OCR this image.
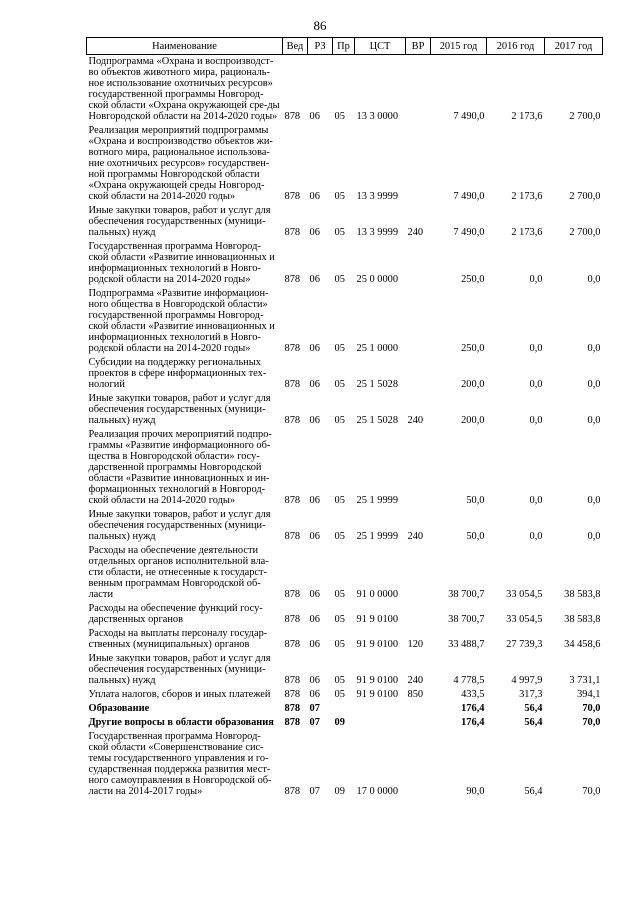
86
Наименование	Вед	РЗ	Пр	ЦСТ	ВР	2015 год	2016 год	2017 год
Подпрограмма «Охрана и воспроизводст-во объектов животного мира, рациональ-ное использование охотничьих ресурсов» государственной программы Новгород-ской области «Охрана окружающей сре-ды Новгородской области на 2014-2020 годы»	878	06	05	13 3 0000		7 490,0	2 173,6	2 700,0
Реализация мероприятий подпрограммы «Охрана и воспроизводство объектов жи-вотного мира, рациональное использова-ние охотничьих ресурсов» государствен-ной программы Новгородской области «Охрана окружающей среды Новгород-ской области на 2014-2020 годы»	878	06	05	13 3 9999		7 490,0	2 173,6	2 700,0
Иные закупки товаров, работ и услуг для обеспечения государственных (муници-пальных) нужд	878	06	05	13 3 9999	240	7 490,0	2 173,6	2 700,0
Государственная программа Новгород-ской области «Развитие инновационных и информационных технологий в Новго-родской области на 2014-2020 годы»	878	06	05	25 0 0000		250,0	0,0	0,0
Подпрограмма «Развитие информацион-ного общества в Новгородской области» государственной программы Новгород-ской области «Развитие инновационных и информационных технологий в Новго-родской области на 2014-2020 годы»	878	06	05	25 1 0000		250,0	0,0	0,0
Субсидии на поддержку региональных проектов в сфере информационных тех-нологий	878	06	05	25 1 5028		200,0	0,0	0,0
Иные закупки товаров, работ и услуг для обеспечения государственных (муници-пальных) нужд	878	06	05	25 1 5028	240	200,0	0,0	0,0
Реализация прочих мероприятий подпро-граммы «Развитие информационного об-щества в Новгородской области» госу-дарственной программы Новгородской области «Развитие инновационных и ин-формационных технологий в Новгород-ской области на 2014-2020 годы»	878	06	05	25 1 9999		50,0	0,0	0,0
Иные закупки товаров, работ и услуг для обеспечения государственных (муници-пальных) нужд	878	06	05	25 1 9999	240	50,0	0,0	0,0
Расходы на обеспечение деятельности отдельных органов исполнительной вла-сти области, не отнесенные к государст-венным программам Новгородской об-ласти	878	06	05	91 0 0000		38 700,7	33 054,5	38 583,8
Расходы на обеспечение функций госу-дарственных органов	878	06	05	91 9 0100		38 700,7	33 054,5	38 583,8
Расходы на выплаты персоналу государ-ственных (муниципальных) органов	878	06	05	91 9 0100	120	33 488,7	27 739,3	34 458,6
Иные закупки товаров, работ и услуг для обеспечения государственных (муници-пальных) нужд	878	06	05	91 9 0100	240	4 778,5	4 997,9	3 731,1
Уплата налогов, сборов и иных платежей	878	06	05	91 9 0100	850	433,5	317,3	394,1
Образование	878	07				176,4	56,4	70,0
Другие вопросы в области образования	878	07	09			176,4	56,4	70,0
Государственная программа Новгород-ской области «Совершенствование сис-темы государственного управления и го-сударственная поддержка развития мест-ного самоуправления в Новгородской об-ласти на 2014-2017 годы»	878	07	09	17 0 0000		90,0	56,4	70,0
